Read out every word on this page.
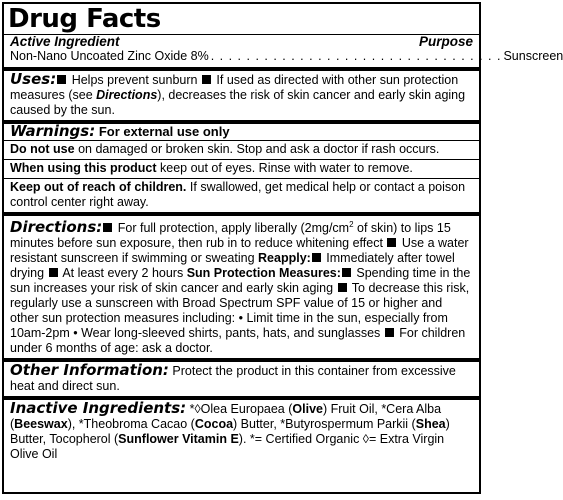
Drug Facts
Active Ingredient	Purpose
Non-Nano Uncoated Zinc Oxide 8% . . . . . . . . . . . . . . . . . . . . . . . . . . . . . . . . . Sunscreen
Uses: Helps prevent sunburn  If used as directed with other sun protection measures (see Directions), decreases the risk of skin cancer and early skin aging caused by the sun.
Warnings: For external use only
Do not use on damaged or broken skin. Stop and ask a doctor if rash occurs.
When using this product keep out of eyes. Rinse with water to remove.
Keep out of reach of children. If swallowed, get medical help or contact a poison control center right away.
Directions: For full protection, apply liberally ($2mg/cm^2$ of skin) to lips 15 minutes before sun exposure, then rub in to reduce whitening effect  Use a water resistant sunscreen if swimming or sweating Reapply: Immediately after towel drying  At least every 2 hours Sun Protection Measures: Spending time in the sun increases your risk of skin cancer and early skin aging  To decrease this risk, regularly use a sunscreen with Broad Spectrum SPF value of 15 or higher and other sun protection measures including: • Limit time in the sun, especially from 10am-2pm • Wear long-sleeved shirts, pants, hats, and sunglasses  For children under 6 months of age: ask a doctor.
Other Information: Protect the product in this container from excessive heat and direct sun.
Inactive Ingredients: *◊Olea Europaea (Olive) Fruit Oil, *Cera Alba (Beeswax), *Theobroma Cacao (Cocoa) Butter, *Butyrospermum Parkii (Shea) Butter, Tocopherol (Sunflower Vitamin E). *= Certified Organic ◊= Extra Virgin Olive Oil
